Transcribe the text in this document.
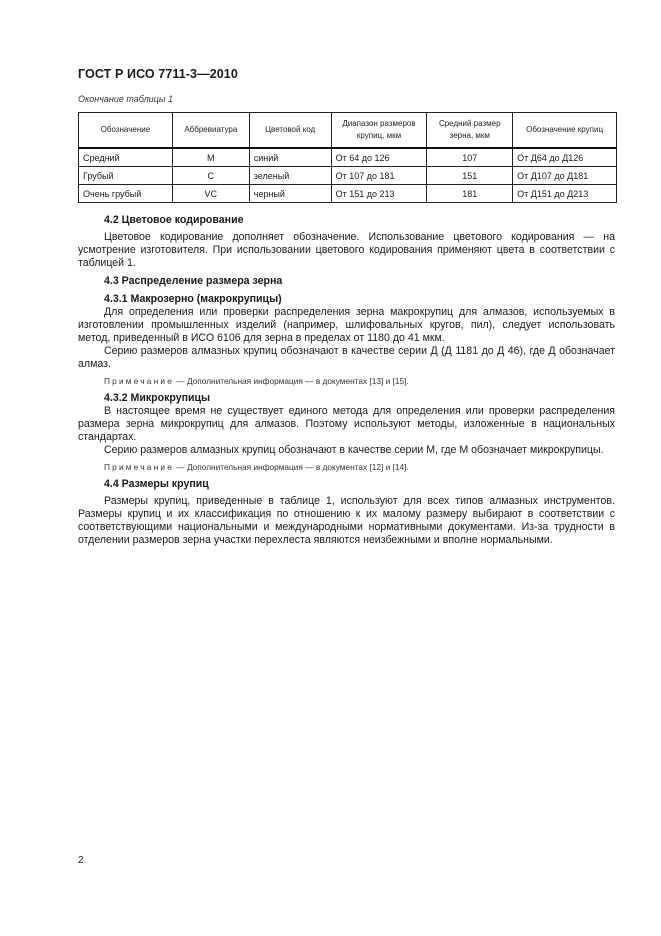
ГОСТ Р ИСО 7711-3—2010
Окончание таблицы 1
Обозначение	Аббревиатура	Цветовой код	Диапазон размеров крупиц, мкм	Средний размер зерна, мкм	Обозначение крупиц
Средний	M	синий	От 64 до 126	107	От Д64 до Д126
Грубый	C	зеленый	От 107 до 181	151	От Д107 до Д181
Очень грубый	VC	черный	От 151 до 213	181	От Д151 до Д213

4.2 Цветовое кодирование

Цветовое кодирование дополняет обозначение. Использование цветового кодирования — на усмотрение изготовителя. При использовании цветового кодирования применяют цвета в соответствии с таблицей 1.

4.3 Распределение размера зерна

4.3.1 Макрозерно (макрокрупицы)

Для определения или проверки распределения зерна макрокрупиц для алмазов, используемых в изготовлении промышленных изделий (например, шлифовальных кругов, пил), следует использовать метод, приведенный в ИСО 6106 для зерна в пределах от 1180 до 41 мкм.

Серию размеров алмазных крупиц обозначают в качестве серии Д (Д 1181 до Д 46), где Д обозначает алмаз.

Примечание — Дополнительная информация — в документах [13] и [15].

4.3.2 Микрокрупицы

В настоящее время не существует единого метода для определения или проверки распределения размера зерна микрокрупиц для алмазов. Поэтому используют методы, изложенные в национальных стандартах.

Серию размеров алмазных крупиц обозначают в качестве серии М, где М обозначает микрокрупицы.

Примечание — Дополнительная информация — в документах [12] и [14].

4.4 Размеры крупиц

Размеры крупиц, приведенные в таблице 1, используют для всех типов алмазных инструментов. Размеры крупиц и их классификация по отношению к их малому размеру выбирают в соответствии с соответствующими национальными и международными нормативными документами. Из-за трудности в отделении размеров зерна участки перехлеста являются неизбежными и вполне нормальными.

2
